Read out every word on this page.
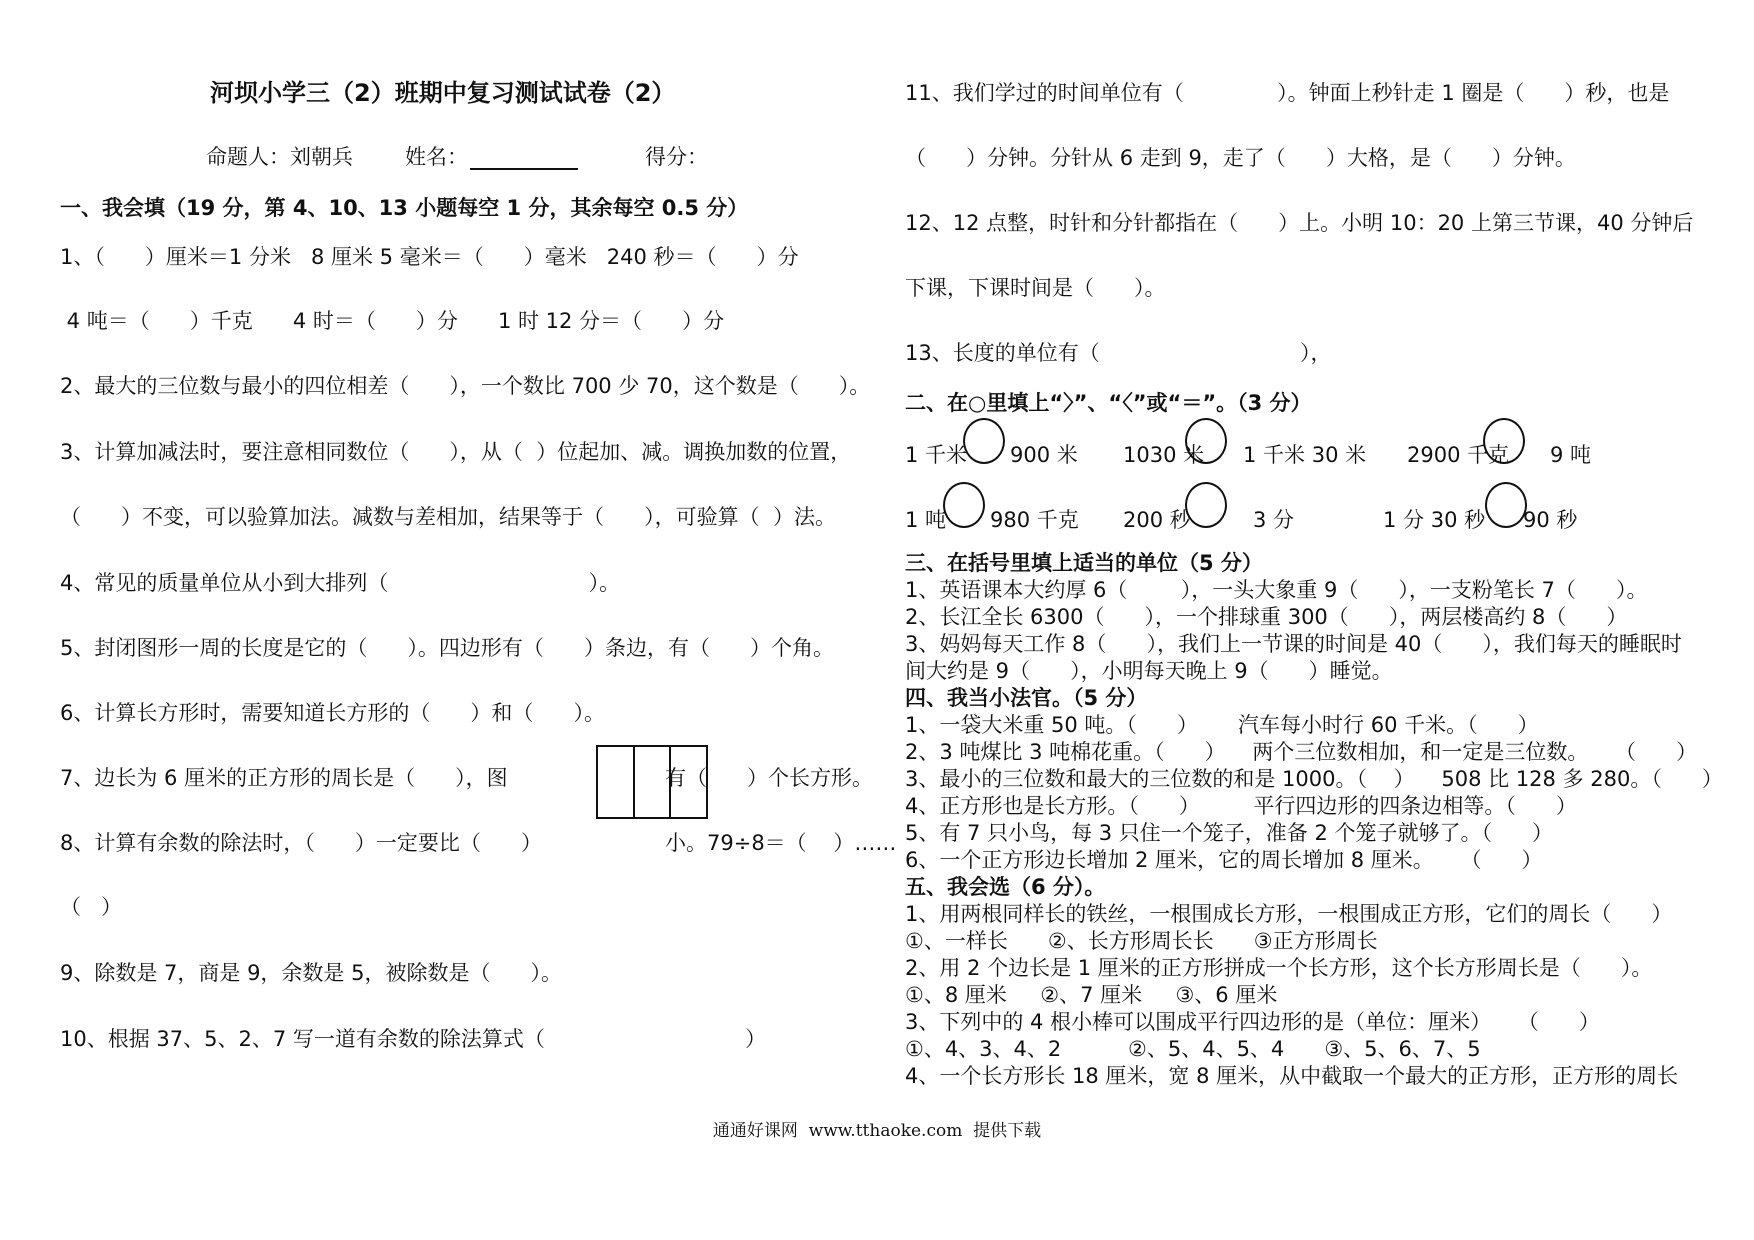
河坝小学三（2）班期中复习测试试卷（2）
命题人：刘朝兵 姓名：	得分：
一、我会填（19 分，第 4、10、13 小题每空 1 分，其余每空 0.5 分）
1、（      ）厘米＝1 分米   8 厘米 5 毫米＝（      ）毫米   240 秒＝（      ）分
4 吨＝（      ）千克      4 时＝（      ）分      1 时 12 分＝（      ）分
2、最大的三位数与最小的四位相差（      ），一个数比 700 少 70，这个数是（      ）。
3、计算加减法时，要注意相同数位（      ），从（  ）位起加、减。调换加数的位置，
（      ）不变，可以验算加法。减数与差相加，结果等于（      ），可验算（  ）法。
4、常见的质量单位从小到大排列（                              ）。
5、封闭图形一周的长度是它的（      ）。四边形有（      ）条边，有（      ）个角。
6、计算长方形时，需要知道长方形的（      ）和（      ）。
7、边长为 6 厘米的正方形的周长是（      ），图	有（      ）个长方形。
8、计算有余数的除法时，（      ）一定要比（      ）	小。79÷8＝（    ）……
（   ）
9、除数是 7，商是 9，余数是 5，被除数是（      ）。
10、根据 37、5、2、7 写一道有余数的除法算式（                              ）
11、我们学过的时间单位有（              ）。钟面上秒针走 1 圈是（      ）秒，也是
（      ）分钟。分针从 6 走到 9，走了（      ）大格，是（      ）分钟。
12、12 点整，时针和分针都指在（      ）上。小明 10：20 上第三节课，40 分钟后
下课，下课时间是（      ）。
13、长度的单位有（                              ），
二、在○里填上“〉”、“〈”或“＝”。（3 分）
1 千米 900 米 1030 米 1 千米 30 米 2900 千克 9 吨
1 吨 980 千克 200 秒	3 分	1 分 30 秒 90 秒
三、在括号里填上适当的单位（5 分）
1、英语课本大约厚 6（        ），一头大象重 9（      ），一支粉笔长 7（      ）。
2、长江全长 6300（      ），一个排球重 300（      ），两层楼高约 8（      ）
3、妈妈每天工作 8（      ），我们上一节课的时间是 40（      ），我们每天的睡眠时
间大约是 9（      ），小明每天晚上 9（      ）睡觉。
四、我当小法官。（5 分）
1、一袋大米重 50 吨。（      ）      汽车每小时行 60 千米。（      ）
2、3 吨煤比 3 吨棉花重。（      ）    两个三位数相加，和一定是三位数。    （      ）
3、最小的三位数和最大的三位数的和是 1000。（    ）    508 比 128 多 280。（      ）
4、正方形也是长方形。（      ）        平行四边形的四条边相等。（      ）
5、有 7 只小鸟，每 3 只住一个笼子，准备 2 个笼子就够了。（      ）
6、一个正方形边长增加 2 厘米，它的周长增加 8 厘米。    （      ）
五、我会选（6 分）。
1、用两根同样长的铁丝，一根围成长方形，一根围成正方形，它们的周长（      ）
①、一样长      ②、长方形周长长      ③正方形周长
2、用 2 个边长是 1 厘米的正方形拼成一个长方形，这个长方形周长是（      ）。
①、8 厘米     ②、7 厘米     ③、6 厘米
3、下列中的 4 根小棒可以围成平行四边形的是（单位：厘米）    （      ）
①、4、3、4、2          ②、5、4、5、4      ③、5、6、7、5
4、一个长方形长 18 厘米，宽 8 厘米，从中截取一个最大的正方形，正方形的周长
通通好课网  www.tthaoke.com  提供下载
